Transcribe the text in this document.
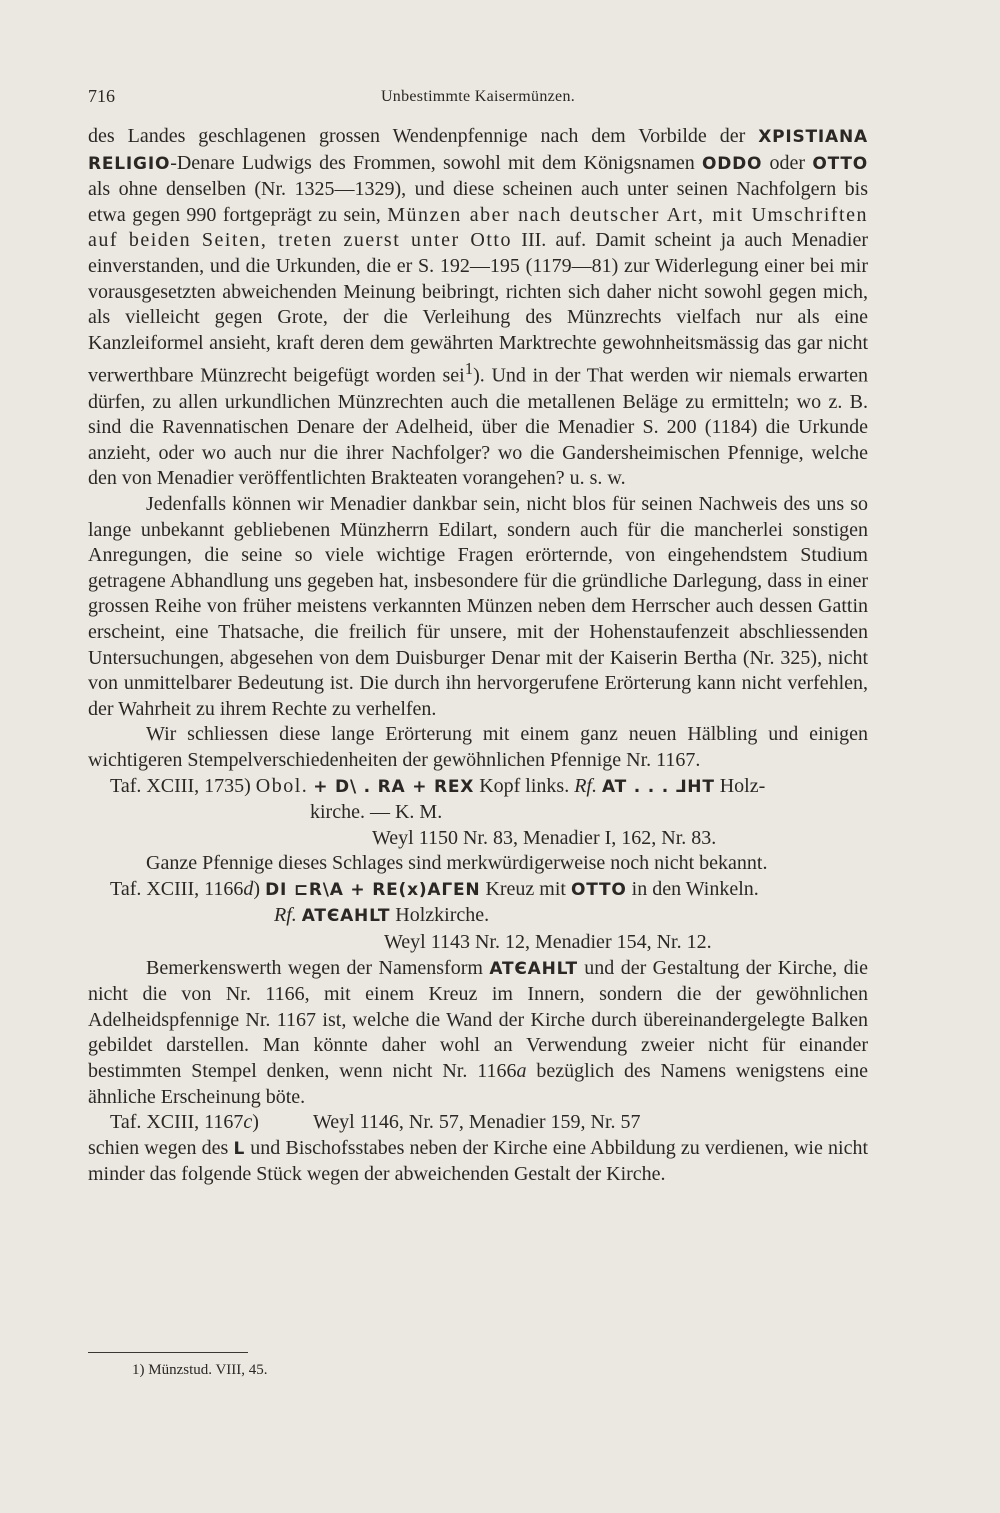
716	Unbestimmte Kaisermünzen.

des Landes geschlagenen grossen Wendenpfennige nach dem Vorbilde der XPISTIANA RELIGIO-Denare Ludwigs des Frommen, sowohl mit dem Königsnamen ODDO oder OTTO als ohne denselben (Nr. 1325—1329), und diese scheinen auch unter seinen Nachfolgern bis etwa gegen 990 fortgeprägt zu sein, Münzen aber nach deutscher Art, mit Umschriften auf beiden Seiten, treten zuerst unter Otto III. auf. Damit scheint ja auch Menadier einverstanden, und die Urkunden, die er S. 192—195 (1179—81) zur Widerlegung einer bei mir vorausgesetzten abweichenden Meinung beibringt, richten sich daher nicht sowohl gegen mich, als vielleicht gegen Grote, der die Verleihung des Münzrechts vielfach nur als eine Kanzleiformel ansieht, kraft deren dem gewährten Marktrechte gewohnheitsmässig das gar nicht verwerthbare Münzrecht beigefügt worden sei$^1$). Und in der That werden wir niemals erwarten dürfen, zu allen urkundlichen Münzrechten auch die metallenen Beläge zu ermitteln; wo z. B. sind die Ravennatischen Denare der Adelheid, über die Menadier S. 200 (1184) die Urkunde anzieht, oder wo auch nur die ihrer Nachfolger? wo die Gandersheimischen Pfennige, welche den von Menadier veröffentlichten Brakteaten vorangehen? u. s. w.

Jedenfalls können wir Menadier dankbar sein, nicht blos für seinen Nachweis des uns so lange unbekannt gebliebenen Münzherrn Edilart, sondern auch für die mancherlei sonstigen Anregungen, die seine so viele wichtige Fragen erörternde, von eingehendstem Studium getragene Abhandlung uns gegeben hat, insbesondere für die gründliche Darlegung, dass in einer grossen Reihe von früher meistens verkannten Münzen neben dem Herrscher auch dessen Gattin erscheint, eine Thatsache, die freilich für unsere, mit der Hohenstaufenzeit abschliessenden Untersuchungen, abgesehen von dem Duisburger Denar mit der Kaiserin Bertha (Nr. 325), nicht von unmittelbarer Bedeutung ist. Die durch ihn hervorgerufene Erörterung kann nicht verfehlen, der Wahrheit zu ihrem Rechte zu verhelfen.

Wir schliessen diese lange Erörterung mit einem ganz neuen Hälbling und einigen wichtigeren Stempelverschiedenheiten der gewöhnlichen Pfennige Nr. 1167.

Taf. XCIII, 1735) Obol. + D\ . RA + REX Kopf links. Rf. AT . . . ⅃HT Holz-

kirche. — K. M.

Weyl 1150 Nr. 83, Menadier I, 162, Nr. 83.

Ganze Pfennige dieses Schlages sind merkwürdigerweise noch nicht bekannt.

Taf. XCIII, 1166d) DI ⊏R\A + RE(x)AΓEN Kreuz mit OTTO in den Winkeln.

Rf. ATЄAHLT Holzkirche.

Weyl 1143 Nr. 12, Menadier 154, Nr. 12.

Bemerkenswerth wegen der Namensform ATЄAHLT und der Gestaltung der Kirche, die nicht die von Nr. 1166, mit einem Kreuz im Innern, sondern die der gewöhnlichen Adelheidspfennige Nr. 1167 ist, welche die Wand der Kirche durch übereinandergelegte Balken gebildet darstellen. Man könnte daher wohl an Verwendung zweier nicht für einander bestimmten Stempel denken, wenn nicht Nr. 1166a bezüglich des Namens wenigstens eine ähnliche Erscheinung böte.

Taf. XCIII, 1167c)	Weyl 1146, Nr. 57, Menadier 159, Nr. 57

schien wegen des L und Bischofsstabes neben der Kirche eine Abbildung zu verdienen, wie nicht minder das folgende Stück wegen der abweichenden Gestalt der Kirche.

1) Münzstud. VIII, 45.
